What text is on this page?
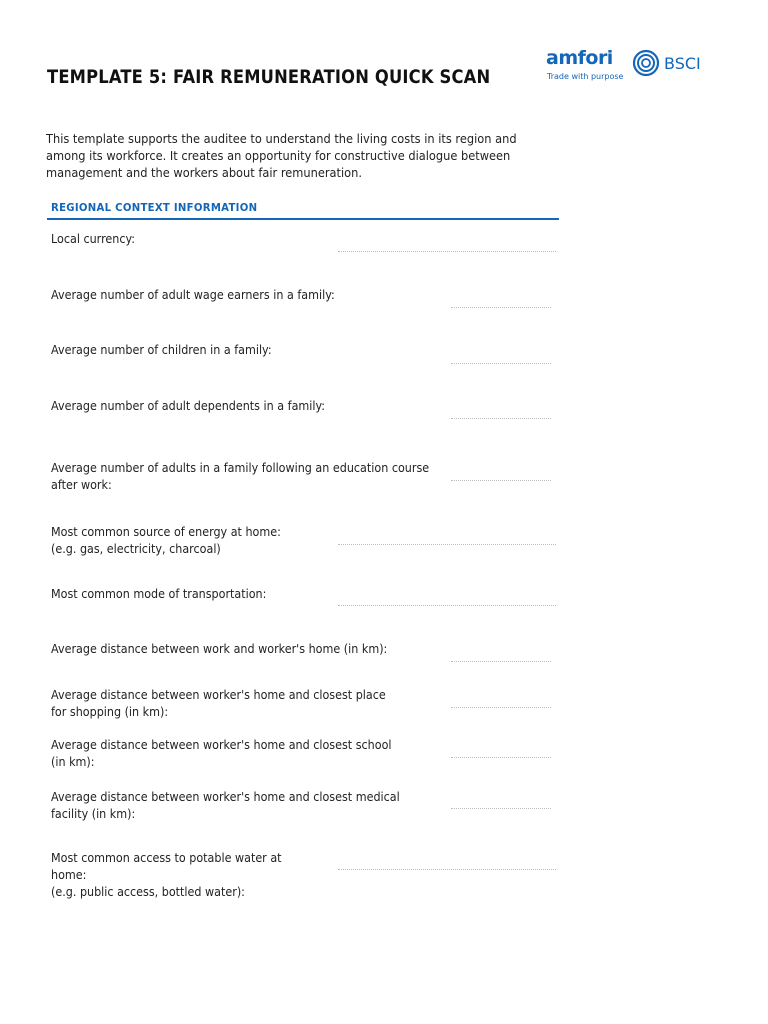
TEMPLATE 5: FAIR REMUNERATION QUICK SCAN
amfori
Trade with purpose
BSCI
This template supports the auditee to understand the living costs in its region and among its workforce. It creates an opportunity for constructive dialogue between management and the workers about fair remuneration.
REGIONAL CONTEXT INFORMATION
Local currency:
Average number of adult wage earners in a family:
Average number of children in a family:
Average number of adult dependents in a family:
Average number of adults in a family following an education course
after work:
Most common source of energy at home:
(e.g. gas, electricity, charcoal)
Most common mode of transportation:
Average distance between work and worker's home (in km):
Average distance between worker's home and closest place
for shopping (in km):
Average distance between worker's home and closest school
(in km):
Average distance between worker's home and closest medical
facility (in km):
Most common access to potable water at
home:
(e.g. public access, bottled water):
